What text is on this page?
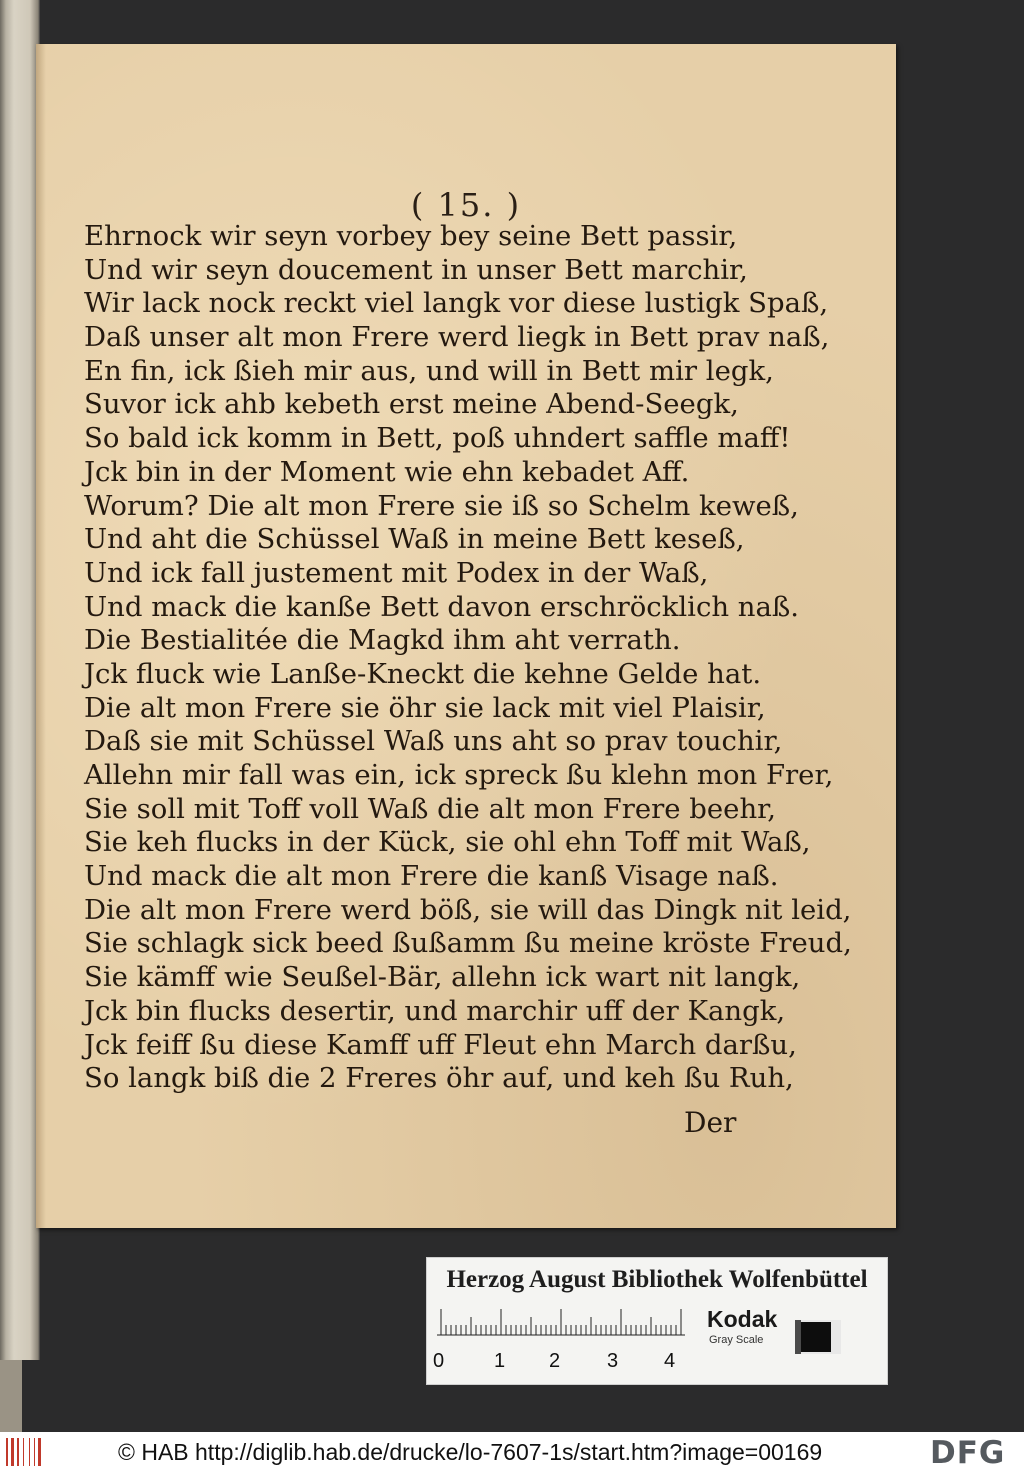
( 15. )
Ehrnock wir seyn vorbey bey seine Bett passir,
Und wir seyn doucement in unser Bett marchir,
Wir lack nock reckt viel langk vor diese lustigk Spaß,
Daß unser alt mon Frere werd liegk in Bett prav naß,
En fin, ick ßieh mir aus, und will in Bett mir legk,
Suvor ick ahb kebeth erst meine Abend-Seegk,
So bald ick komm in Bett, poß uhndert saffle maff!
Jck bin in der Moment wie ehn kebadet Aff.
Worum? Die alt mon Frere sie iß so Schelm keweß,
Und aht die Schüssel Waß in meine Bett keseß,
Und ick fall justement mit Podex in der Waß,
Und mack die kanße Bett davon erschröcklich naß.
Die Bestialitée die Magkd ihm aht verrath.
Jck fluck wie Lanße-Kneckt die kehne Gelde hat.
Die alt mon Frere sie öhr sie lack mit viel Plaisir,
Daß sie mit Schüssel Waß uns aht so prav touchir,
Allehn mir fall was ein, ick spreck ßu klehn mon Frer,
Sie soll mit Toff voll Waß die alt mon Frere beehr,
Sie keh flucks in der Kück, sie ohl ehn Toff mit Waß,
Und mack die alt mon Frere die kanß Visage naß.
Die alt mon Frere werd böß, sie will das Dingk nit leid,
Sie schlagk sick beed ßußamm ßu meine kröste Freud,
Sie kämff wie Seußel-Bär, allehn ick wart nit langk,
Jck bin flucks desertir, und marchir uff der Kangk,
Jck feiff ßu diese Kamff uff Fleut ehn March darßu,
So langk biß die 2 Freres öhr auf, und keh ßu Ruh,
Der
Herzog August Bibliothek Wolfenbüttel
0 1 2 3 4
Kodak
Gray Scale
© HAB http://diglib.hab.de/drucke/lo-7607-1s/start.htm?image=00169	DFG
